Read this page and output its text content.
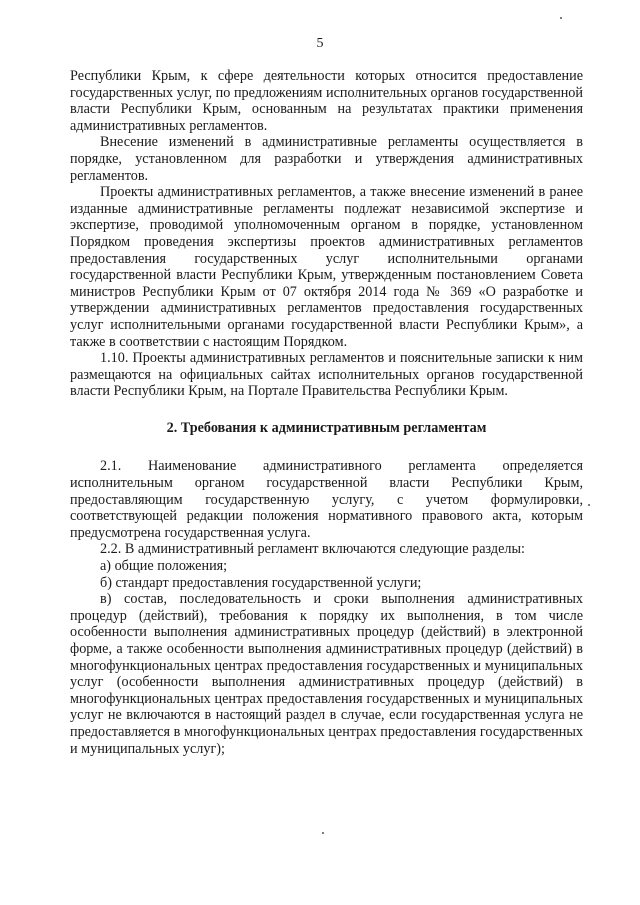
5

Республики Крым, к сфере деятельности которых относится предоставление государственных услуг, по предложениям исполнительных органов государственной власти Республики Крым, основанным на результатах практики применения административных регламентов.

Внесение изменений в административные регламенты осуществляется в порядке, установленном для разработки и утверждения административных регламентов.

Проекты административных регламентов, а также внесение изменений в ранее изданные административные регламенты подлежат независимой экспертизе и экспертизе, проводимой уполномоченным органом в порядке, установленном Порядком проведения экспертизы проектов административных регламентов предоставления государственных услуг исполнительными органами государственной власти Республики Крым, утвержденным постановлением Совета министров Республики Крым от 07 октября 2014 года № 369 «О разработке и утверждении административных регламентов предоставления государственных услуг исполнительными органами государственной власти Республики Крым», а также в соответствии с настоящим Порядком.

1.10. Проекты административных регламентов и пояснительные записки к ним размещаются на официальных сайтах исполнительных органов государственной власти Республики Крым, на Портале Правительства Республики Крым.

2. Требования к административным регламентам

2.1. Наименование административного регламента определяется исполнительным органом государственной власти Республики Крым, предоставляющим государственную услугу, с учетом формулировки, соответствующей редакции положения нормативного правового акта, которым предусмотрена государственная услуга.

2.2. В административный регламент включаются следующие разделы:

а) общие положения;

б) стандарт предоставления государственной услуги;

в) состав, последовательность и сроки выполнения административных процедур (действий), требования к порядку их выполнения, в том числе особенности выполнения административных процедур (действий) в электронной форме, а также особенности выполнения административных процедур (действий) в многофункциональных центрах предоставления государственных и муниципальных услуг (особенности выполнения административных процедур (действий) в многофункциональных центрах предоставления государственных и муниципальных услуг не включаются в настоящий раздел в случае, если государственная услуга не предоставляется в многофункциональных центрах предоставления государственных и муниципальных услуг);
